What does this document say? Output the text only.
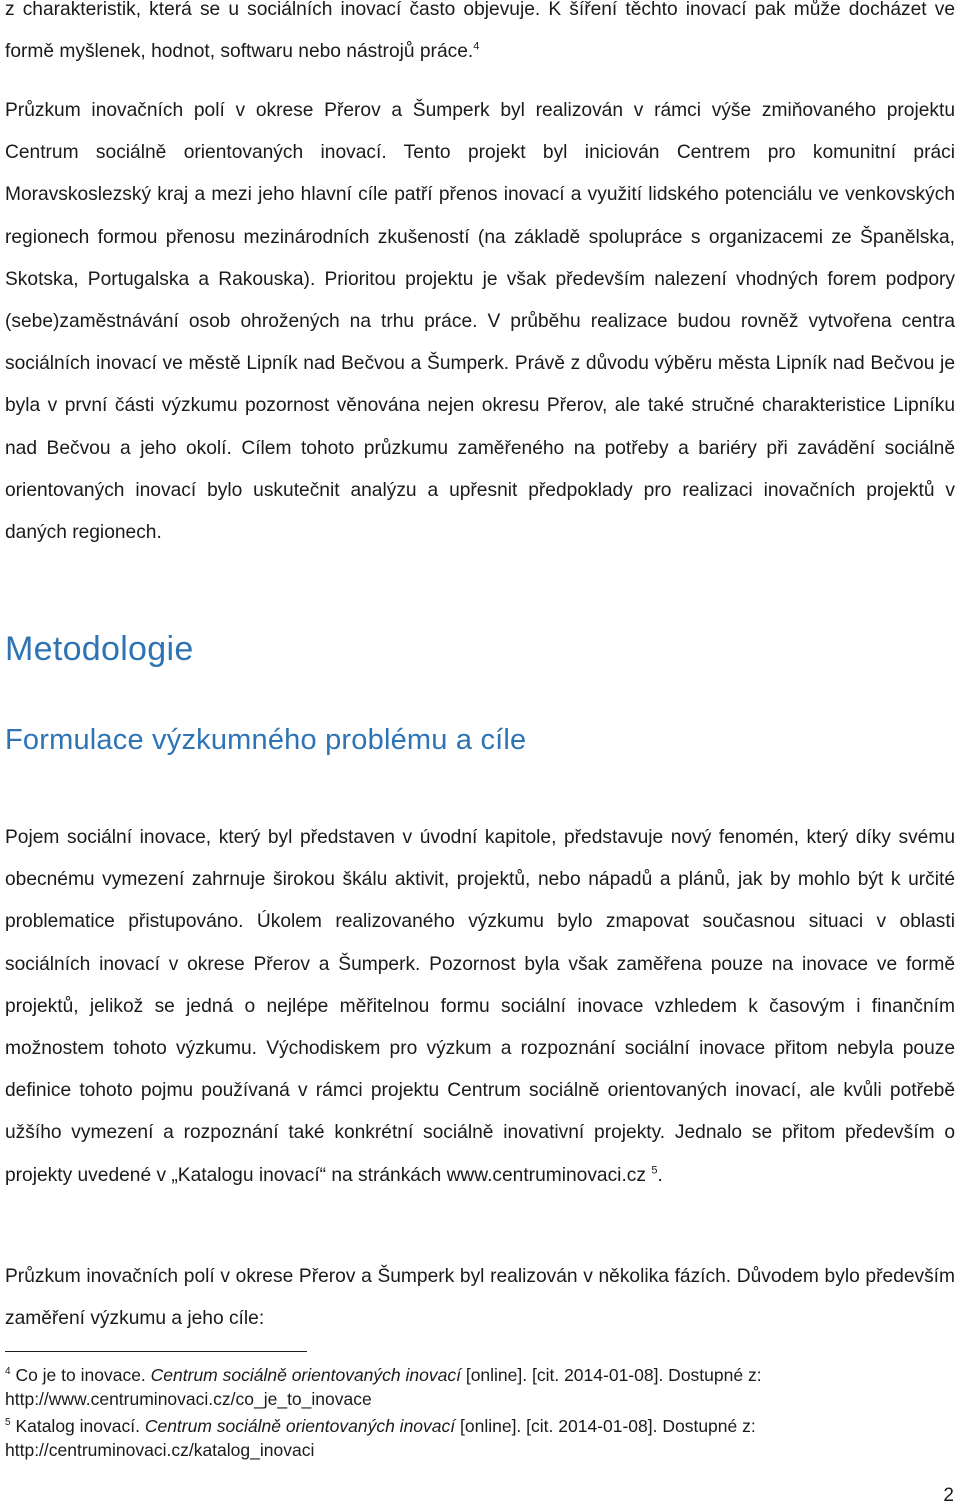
z charakteristik, která se u sociálních inovací často objevuje. K šíření těchto inovací pak může docházet ve formě myšlenek, hodnot, softwaru nebo nástrojů práce.$^4$

Průzkum inovačních polí v okrese Přerov a Šumperk byl realizován v rámci výše zmiňovaného projektu Centrum sociálně orientovaných inovací. Tento projekt byl iniciován Centrem pro komunitní práci Moravskoslezský kraj a mezi jeho hlavní cíle patří přenos inovací a využití lidského potenciálu ve venkovských regionech formou přenosu mezinárodních zkušeností (na základě spolupráce s organizacemi ze Španělska, Skotska, Portugalska a Rakouska). Prioritou projektu je však především nalezení vhodných forem podpory (sebe)zaměstnávání osob ohrožených na trhu práce. V průběhu realizace budou rovněž vytvořena centra sociálních inovací ve městě Lipník nad Bečvou a Šumperk. Právě z důvodu výběru města Lipník nad Bečvou je byla v první části výzkumu pozornost věnována nejen okresu Přerov, ale také stručné charakteristice Lipníku nad Bečvou a jeho okolí. Cílem tohoto průzkumu zaměřeného na potřeby a bariéry při zavádění sociálně orientovaných inovací bylo uskutečnit analýzu a upřesnit předpoklady pro realizaci inovačních projektů v daných regionech.

Metodologie
Formulace výzkumného problému a cíle

Pojem sociální inovace, který byl představen v úvodní kapitole, představuje nový fenomén, který díky svému obecnému vymezení zahrnuje širokou škálu aktivit, projektů, nebo nápadů a plánů, jak by mohlo být k určité problematice přistupováno. Úkolem realizovaného výzkumu bylo zmapovat současnou situaci v oblasti sociálních inovací v okrese Přerov a Šumperk. Pozornost byla však zaměřena pouze na inovace ve formě projektů, jelikož se jedná o nejlépe měřitelnou formu sociální inovace vzhledem k časovým i finančním možnostem tohoto výzkumu. Východiskem pro výzkum a rozpoznání sociální inovace přitom nebyla pouze definice tohoto pojmu používaná v rámci projektu Centrum sociálně orientovaných inovací, ale kvůli potřebě užšího vymezení a rozpoznání také konkrétní sociálně inovativní projekty. Jednalo se přitom především o projekty uvedené v „Katalogu inovací“ na stránkách www.centruminovaci.cz $^5$.

Průzkum inovačních polí v okrese Přerov a Šumperk byl realizován v několika fázích. Důvodem bylo především zaměření výzkumu a jeho cíle:

$^4$ Co je to inovace. Centrum sociálně orientovaných inovací [online]. [cit. 2014-01-08]. Dostupné z:
http://www.centruminovaci.cz/co_je_to_inovace

$^5$ Katalog inovací. Centrum sociálně orientovaných inovací [online]. [cit. 2014-01-08]. Dostupné z:
http://centruminovaci.cz/katalog_inovaci

2
